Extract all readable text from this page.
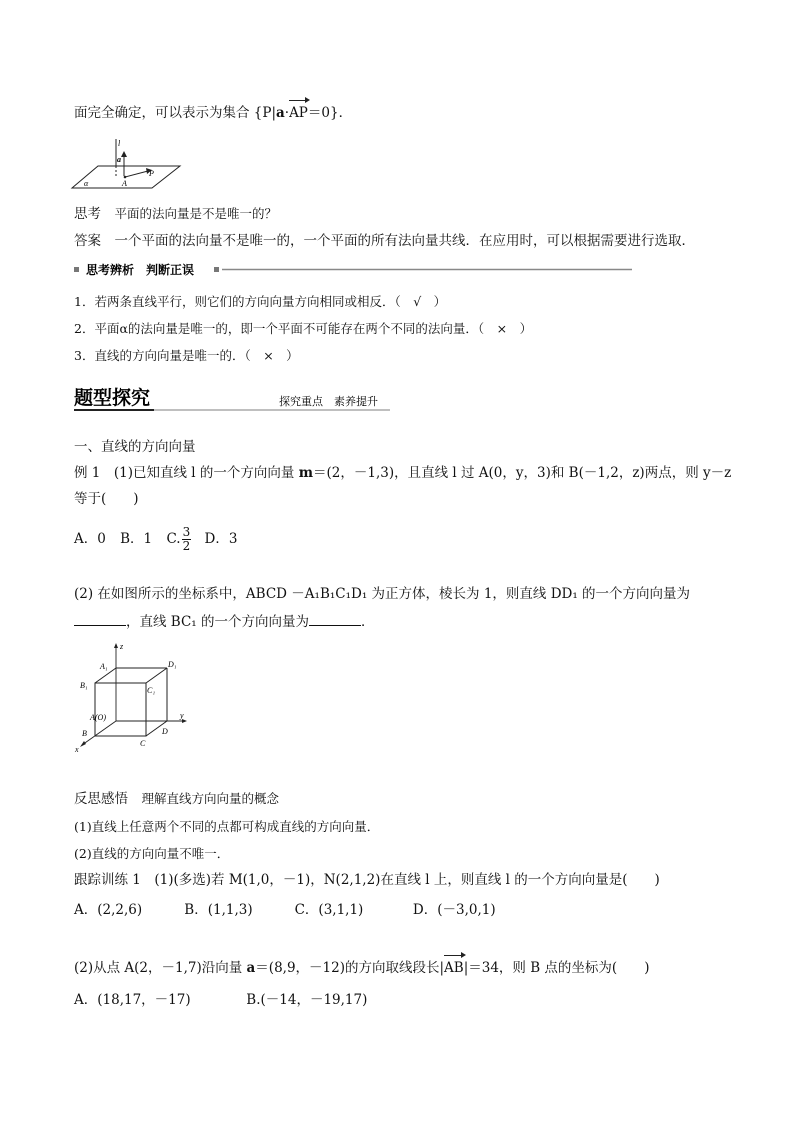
面完全确定，可以表示为集合 {P|a·AP＝0}．
l
a
P
A
α
思考　 平面的法向量是不是唯一的？
答案　 一个平面的法向量不是唯一的，一个平面的所有法向量共线．在应用时，可以根据需要进行选取．
思考辨析　判断正误
1．若两条直线平行，则它们的方向向量方向相同或相反．（　√　）
2．平面α的法向量是唯一的，即一个平面不可能存在两个不同的法向量．（　×　）
3．直线的方向向量是唯一的．（　×　）
题型探究	探究重点　素养提升
一、直线的方向向量
例 1　(1)已知直线 l 的一个方向向量 m＝(2，－1,3)，且直线 l 过 A(0，y，3)和 B(－1,2，z)两点，则 y－z
等于(　　)
A．0 B．1 C. $\frac{3}{2}$ D．3
(2) 在如图所示的坐标系中，ABCD －A₁B₁C₁D₁ 为正方体，棱长为 1，则直线 DD₁ 的一个方向向量为
，直线 BC₁ 的一个方向向量为	．
z
y
x
A₁	D₁
B₁
C₁
A(O)
B
C
D
反思感悟　 理解直线方向向量的概念
(1)直线上任意两个不同的点都可构成直线的方向向量．
(2)直线的方向向量不唯一．
跟踪训练 1　(1)(多选)若 M(1,0，－1)，N(2,1,2)在直线 l 上，则直线 l 的一个方向向量是(　　)
A．(2,2,6)	B．(1,1,3)	C．(3,1,1)	D．(－3,0,1)
(2)从点 A(2，－1,7)沿向量 a＝(8,9，－12)的方向取线段长|AB|＝34，则 B 点的坐标为(　　)
A．(18,17，－17)	B.(－14，－19,17)
